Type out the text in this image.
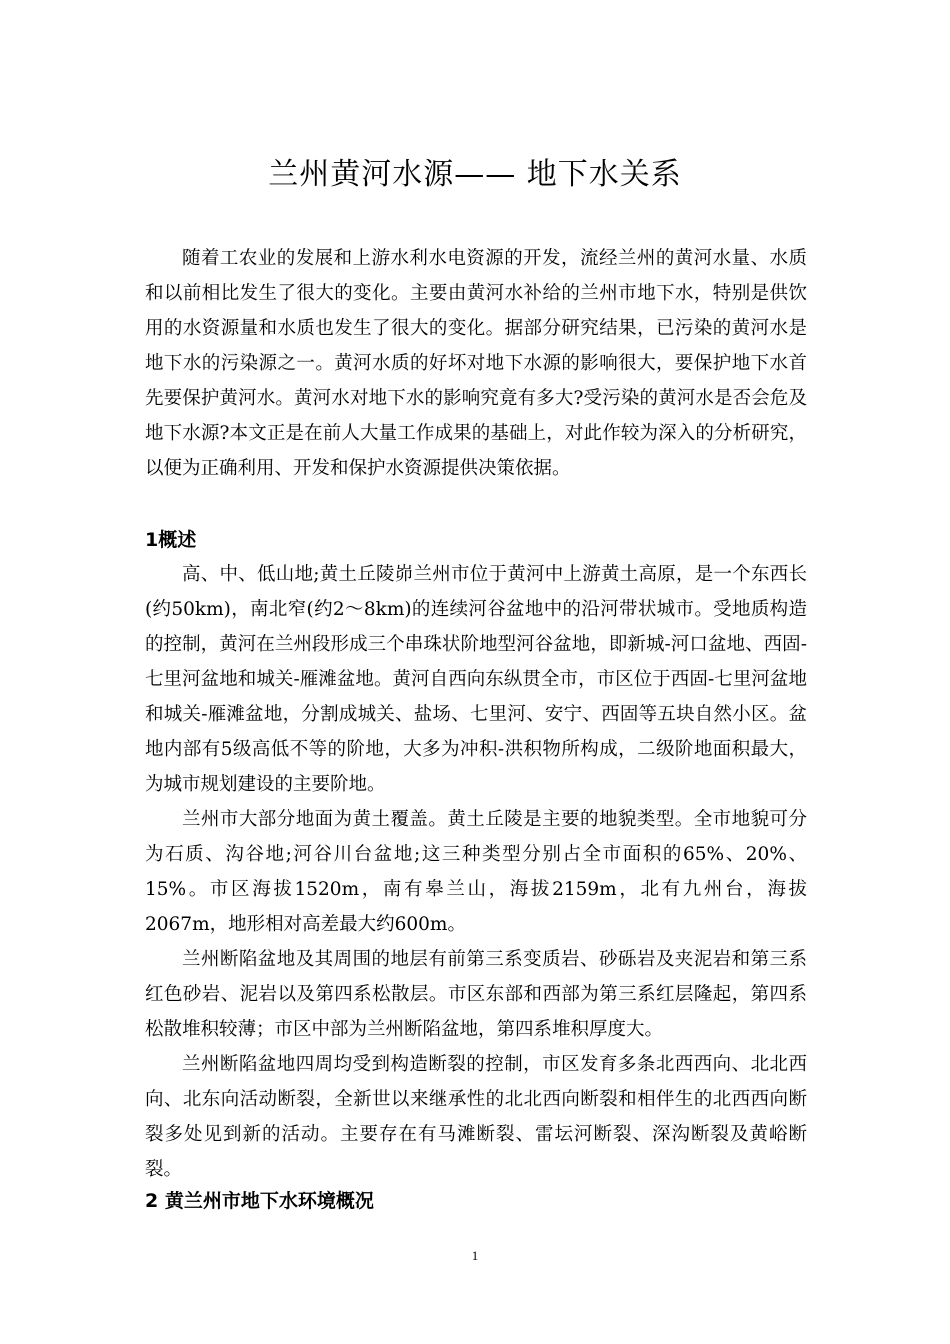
兰州黄河水源—— 地下水关系

随着工农业的发展和上游水利水电资源的开发，流经兰州的黄河水量、水质和以前相比发生了很大的变化。主要由黄河水补给的兰州市地下水，特别是供饮用的水资源量和水质也发生了很大的变化。据部分研究结果，已污染的黄河水是地下水的污染源之一。黄河水质的好坏对地下水源的影响很大，要保护地下水首先要保护黄河水。黄河水对地下水的影响究竟有多大?受污染的黄河水是否会危及地下水源?本文正是在前人大量工作成果的基础上，对此作较为深入的分析研究，以便为正确利用、开发和保护水资源提供决策依据。

1概述

高、中、低山地;黄土丘陵峁兰州市位于黄河中上游黄土高原，是一个东西长(约50km)，南北窄(约2～8km)的连续河谷盆地中的沿河带状城市。受地质构造的控制，黄河在兰州段形成三个串珠状阶地型河谷盆地，即新城-河口盆地、西固-七里河盆地和城关-雁滩盆地。黄河自西向东纵贯全市，市区位于西固-七里河盆地和城关-雁滩盆地，分割成城关、盐场、七里河、安宁、西固等五块自然小区。盆地内部有5级高低不等的阶地，大多为冲积-洪积物所构成，二级阶地面积最大，为城市规划建设的主要阶地。

兰州市大部分地面为黄土覆盖。黄土丘陵是主要的地貌类型。全市地貌可分为石质、沟谷地;河谷川台盆地;这三种类型分别占全市面积的65%、20%、15%。市区海拔1520m，南有皋兰山，海拔2159m，北有九州台，海拔2067m，地形相对高差最大约600m。

兰州断陷盆地及其周围的地层有前第三系变质岩、砂砾岩及夹泥岩和第三系红色砂岩、泥岩以及第四系松散层。市区东部和西部为第三系红层隆起，第四系松散堆积较薄；市区中部为兰州断陷盆地，第四系堆积厚度大。

兰州断陷盆地四周均受到构造断裂的控制，市区发育多条北西西向、北北西向、北东向活动断裂，全新世以来继承性的北北西向断裂和相伴生的北西西向断裂多处见到新的活动。主要存在有马滩断裂、雷坛河断裂、深沟断裂及黄峪断裂。

2 黄兰州市地下水环境概况
1
